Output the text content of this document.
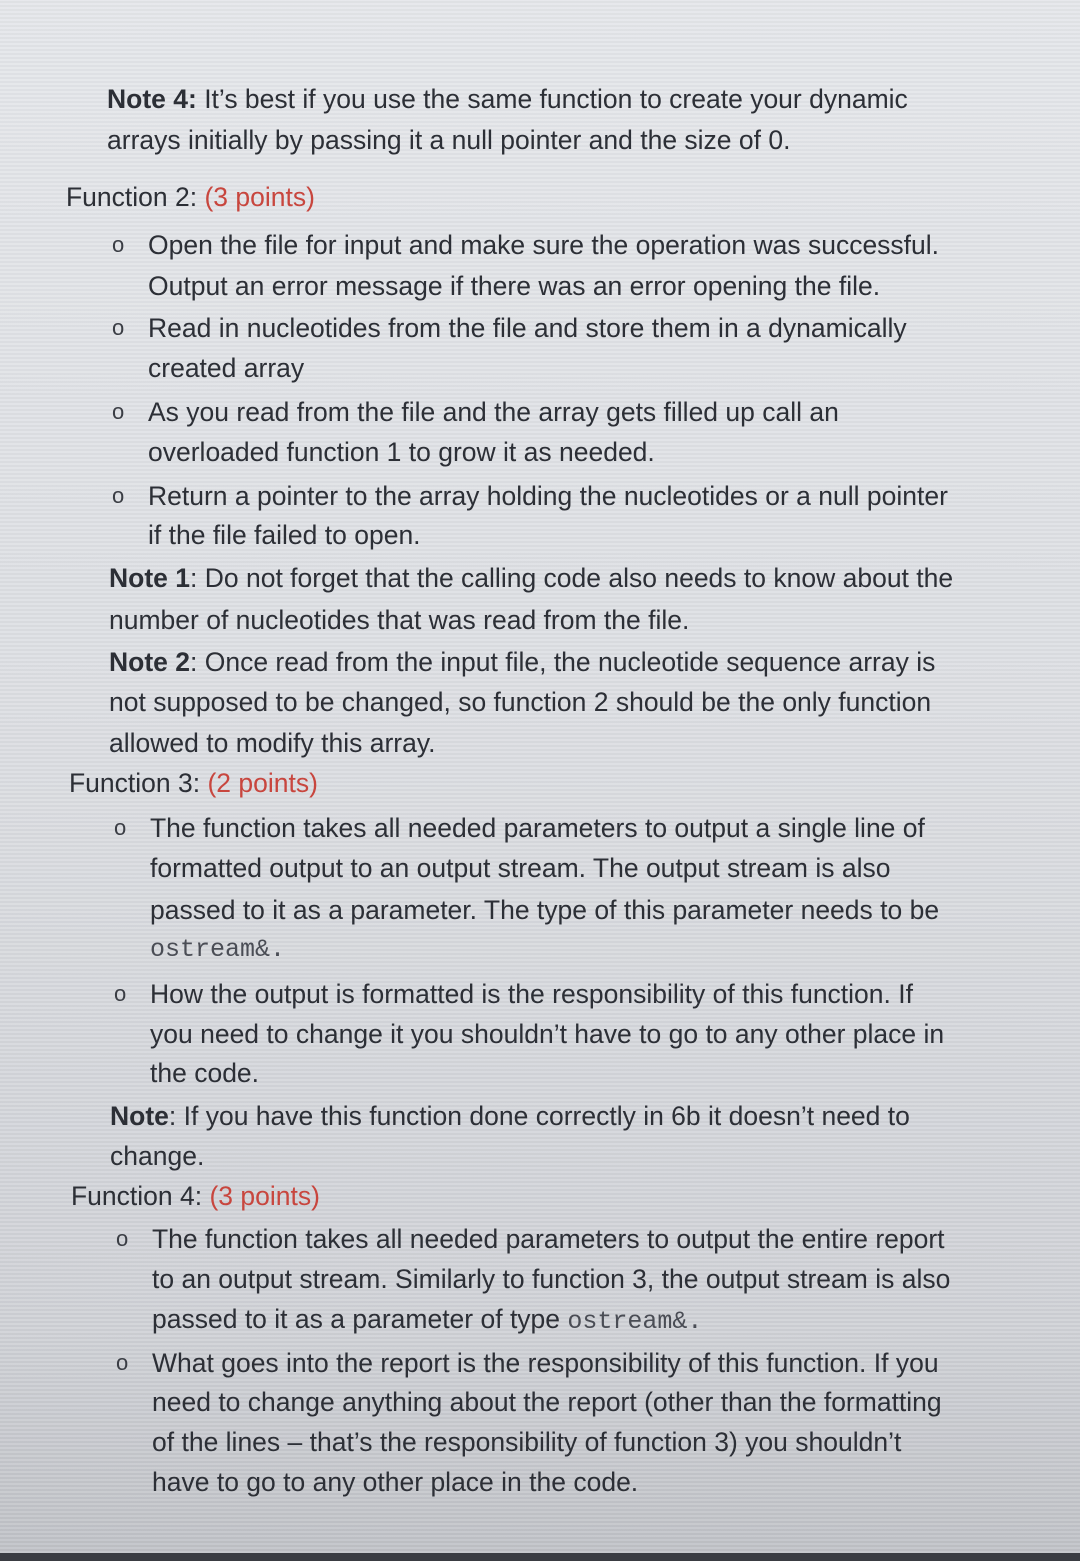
Note 4: It’s best if you use the same function to create your dynamic
arrays initially by passing it a null pointer and the size of 0.
Function 2: (3 points)
o Open the file for input and make sure the operation was successful.
Output an error message if there was an error opening the file.
o Read in nucleotides from the file and store them in a dynamically
created array
o As you read from the file and the array gets filled up call an
overloaded function 1 to grow it as needed.
o Return a pointer to the array holding the nucleotides or a null pointer
if the file failed to open.
Note 1: Do not forget that the calling code also needs to know about the
number of nucleotides that was read from the file.
Note 2: Once read from the input file, the nucleotide sequence array is
not supposed to be changed, so function 2 should be the only function
allowed to modify this array.
Function 3: (2 points)
o The function takes all needed parameters to output a single line of
formatted output to an output stream. The output stream is also
passed to it as a parameter. The type of this parameter needs to be
ostream&.
o How the output is formatted is the responsibility of this function. If
you need to change it you shouldn’t have to go to any other place in
the code.
Note: If you have this function done correctly in 6b it doesn’t need to
change.
Function 4: (3 points)
o The function takes all needed parameters to output the entire report
to an output stream. Similarly to function 3, the output stream is also
passed to it as a parameter of type ostream&.
o What goes into the report is the responsibility of this function. If you
need to change anything about the report (other than the formatting
of the lines – that’s the responsibility of function 3) you shouldn’t
have to go to any other place in the code.
